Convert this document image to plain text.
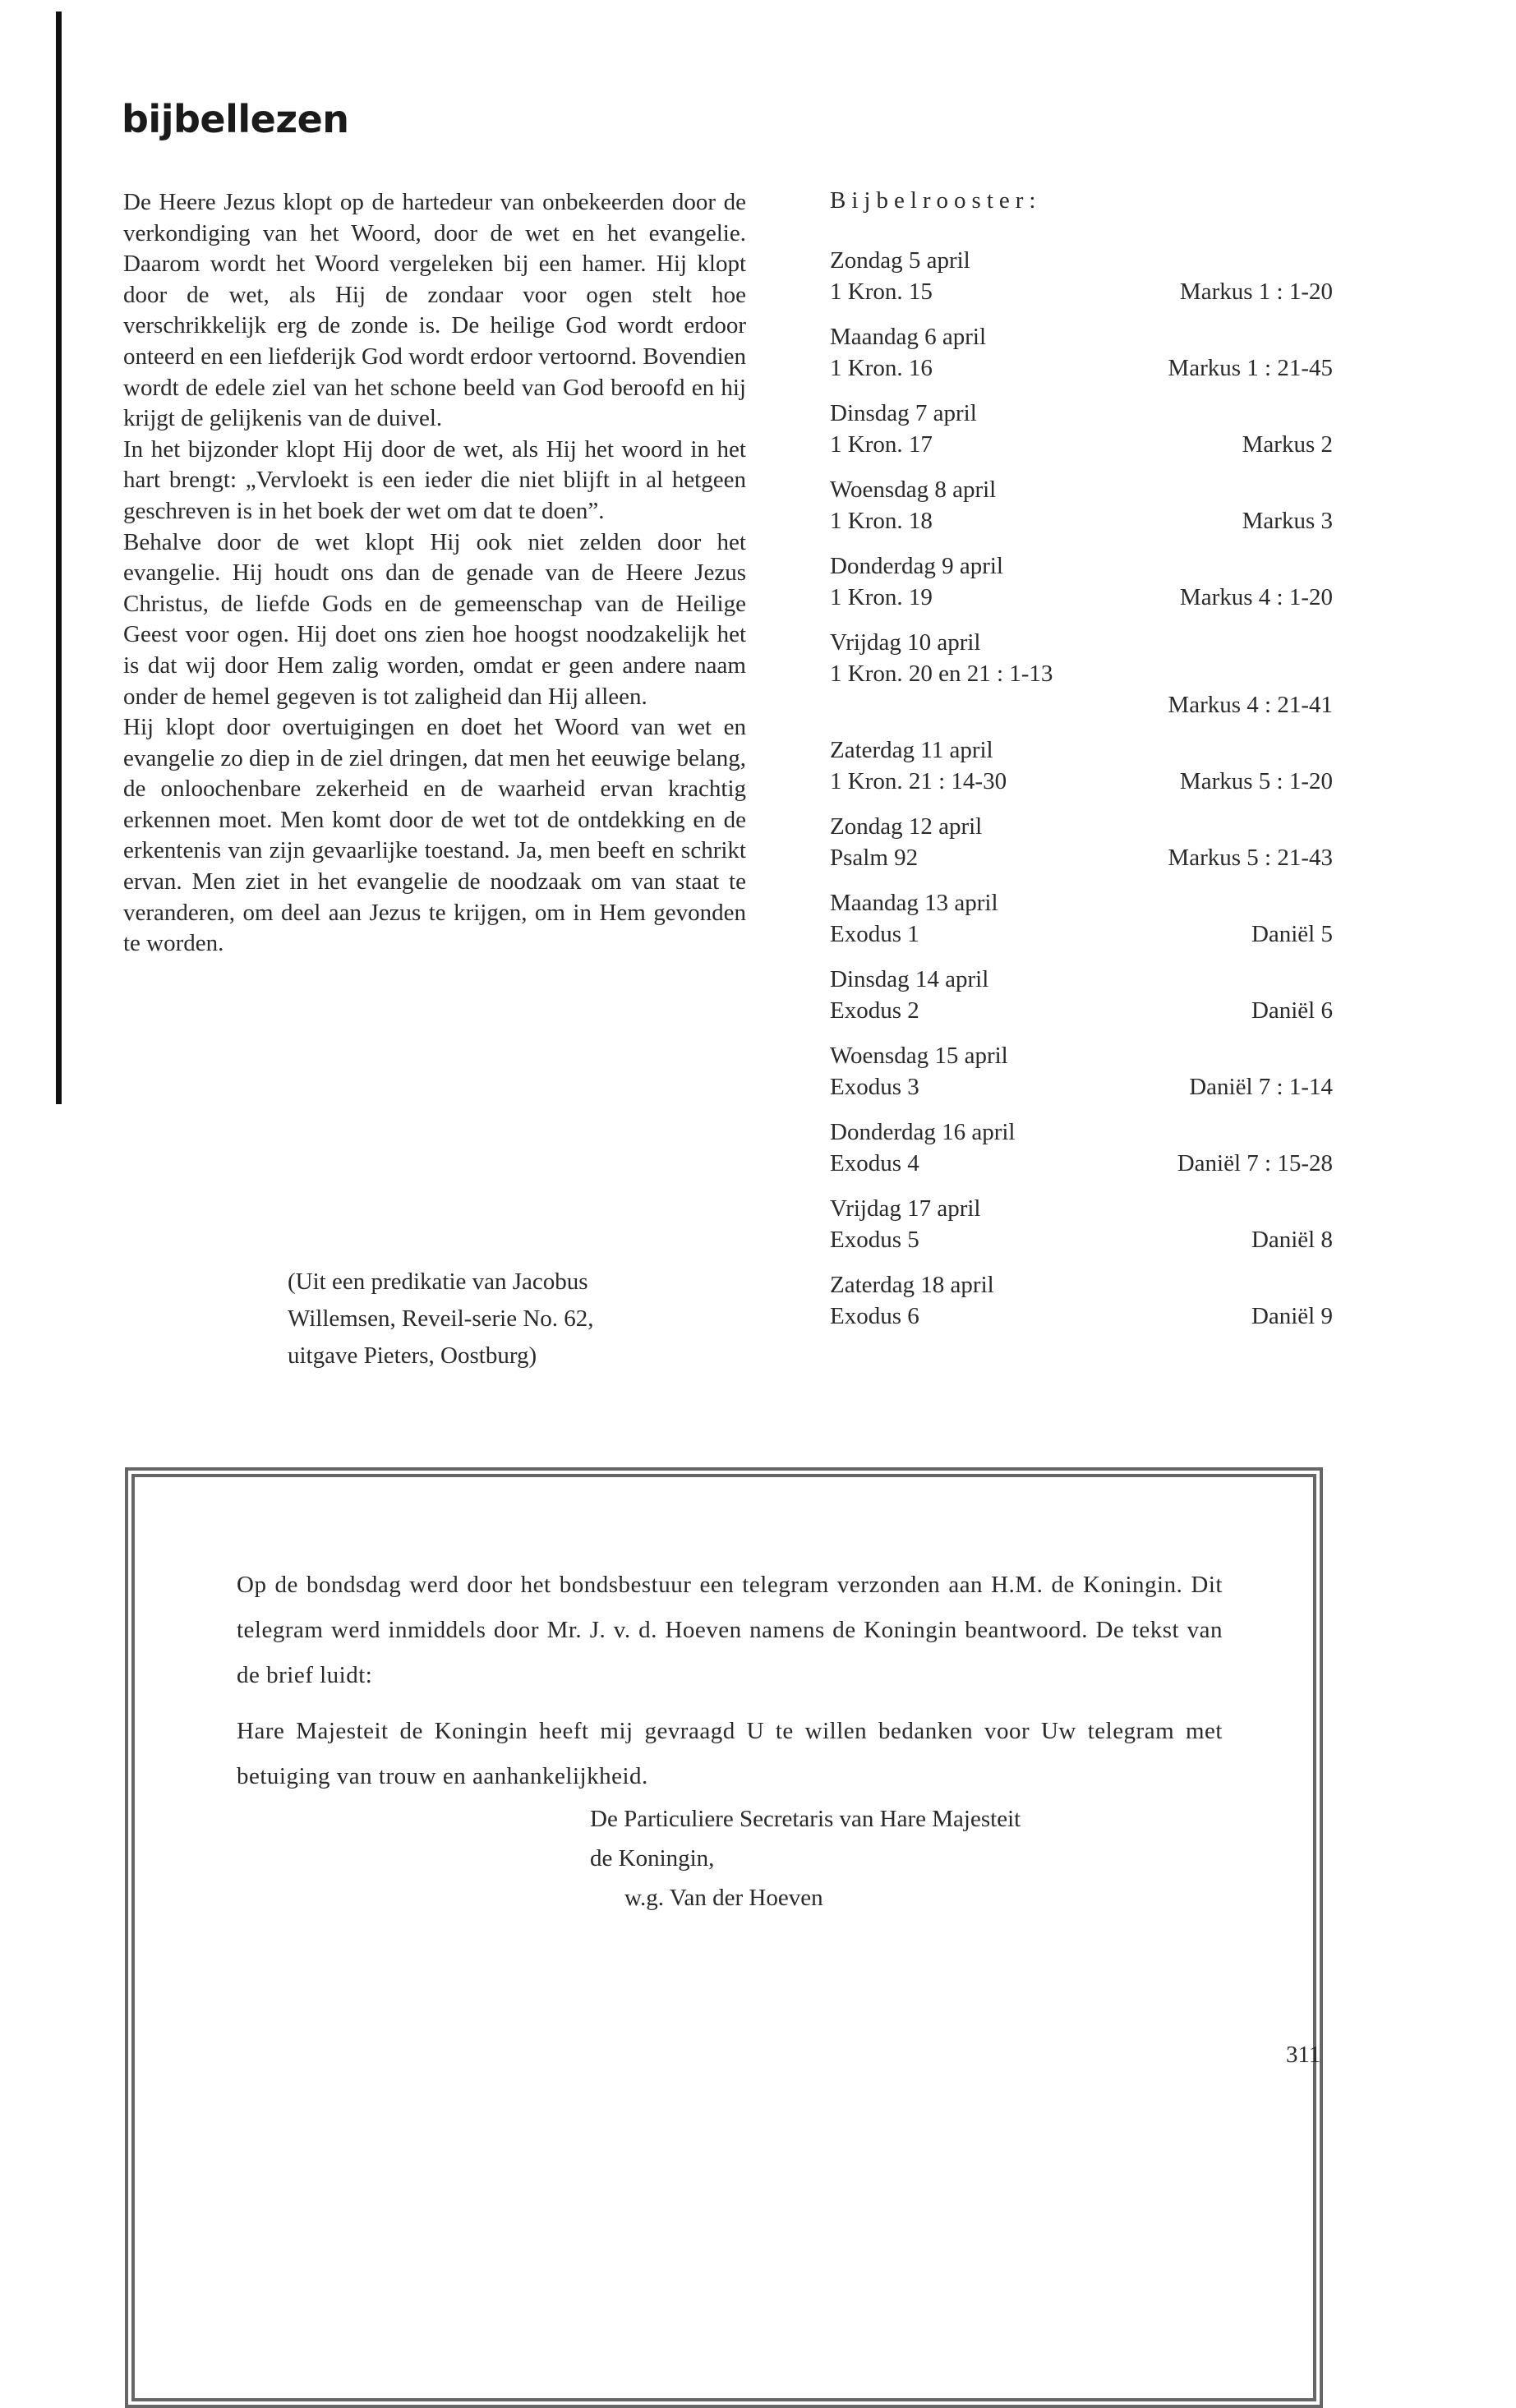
bijbellezen

De Heere Jezus klopt op de hartedeur van onbekeerden door de verkondiging van het Woord, door de wet en het evangelie. Daarom wordt het Woord vergeleken bij een hamer. Hij klopt door de wet, als Hij de zondaar voor ogen stelt hoe verschrikkelijk erg de zonde is. De heilige God wordt erdoor onteerd en een liefderijk God wordt erdoor vertoornd. Bovendien wordt de edele ziel van het schone beeld van God beroofd en hij krijgt de gelijkenis van de duivel.

In het bijzonder klopt Hij door de wet, als Hij het woord in het hart brengt: „Vervloekt is een ieder die niet blijft in al hetgeen geschreven is in het boek der wet om dat te doen”.

Behalve door de wet klopt Hij ook niet zelden door het evangelie. Hij houdt ons dan de genade van de Heere Jezus Christus, de liefde Gods en de gemeenschap van de Heilige Geest voor ogen. Hij doet ons zien hoe hoogst noodzakelijk het is dat wij door Hem zalig worden, omdat er geen andere naam onder de hemel gegeven is tot zaligheid dan Hij alleen.

Hij klopt door overtuigingen en doet het Woord van wet en evangelie zo diep in de ziel dringen, dat men het eeuwige belang, de onloochenbare zekerheid en de waarheid ervan krachtig erkennen moet. Men komt door de wet tot de ontdekking en de erkentenis van zijn gevaarlijke toestand. Ja, men beeft en schrikt ervan. Men ziet in het evangelie de noodzaak om van staat te veranderen, om deel aan Jezus te krijgen, om in Hem gevonden te worden.

(Uit een predikatie van Jacobus
Willemsen, Reveil-serie No. 62,
uitgave Pieters, Oostburg)
Bijbelrooster:
Zondag 5 april
1 Kron. 15	Markus 1 : 1-20
Maandag 6 april
1 Kron. 16	Markus 1 : 21-45
Dinsdag 7 april
1 Kron. 17	Markus 2
Woensdag 8 april
1 Kron. 18	Markus 3
Donderdag 9 april
1 Kron. 19	Markus 4 : 1-20
Vrijdag 10 april
1 Kron. 20 en 21 : 1-13
Markus 4 : 21-41
Zaterdag 11 april
1 Kron. 21 : 14-30	Markus 5 : 1-20
Zondag 12 april
Psalm 92	Markus 5 : 21-43
Maandag 13 april
Exodus 1	Daniël 5
Dinsdag 14 april
Exodus 2	Daniël 6
Woensdag 15 april
Exodus 3	Daniël 7 : 1-14
Donderdag 16 april
Exodus 4	Daniël 7 : 15-28
Vrijdag 17 april
Exodus 5	Daniël 8
Zaterdag 18 april
Exodus 6	Daniël 9

Op de bondsdag werd door het bondsbestuur een telegram verzonden aan H.M. de Koningin. Dit telegram werd inmiddels door Mr. J. v. d. Hoeven namens de Koningin beantwoord. De tekst van de brief luidt:

Hare Majesteit de Koningin heeft mij gevraagd U te willen bedanken voor Uw telegram met betuiging van trouw en aanhankelijkheid.

De Particuliere Secretaris van Hare Majesteit
de Koningin,
w.g. Van der Hoeven
311
